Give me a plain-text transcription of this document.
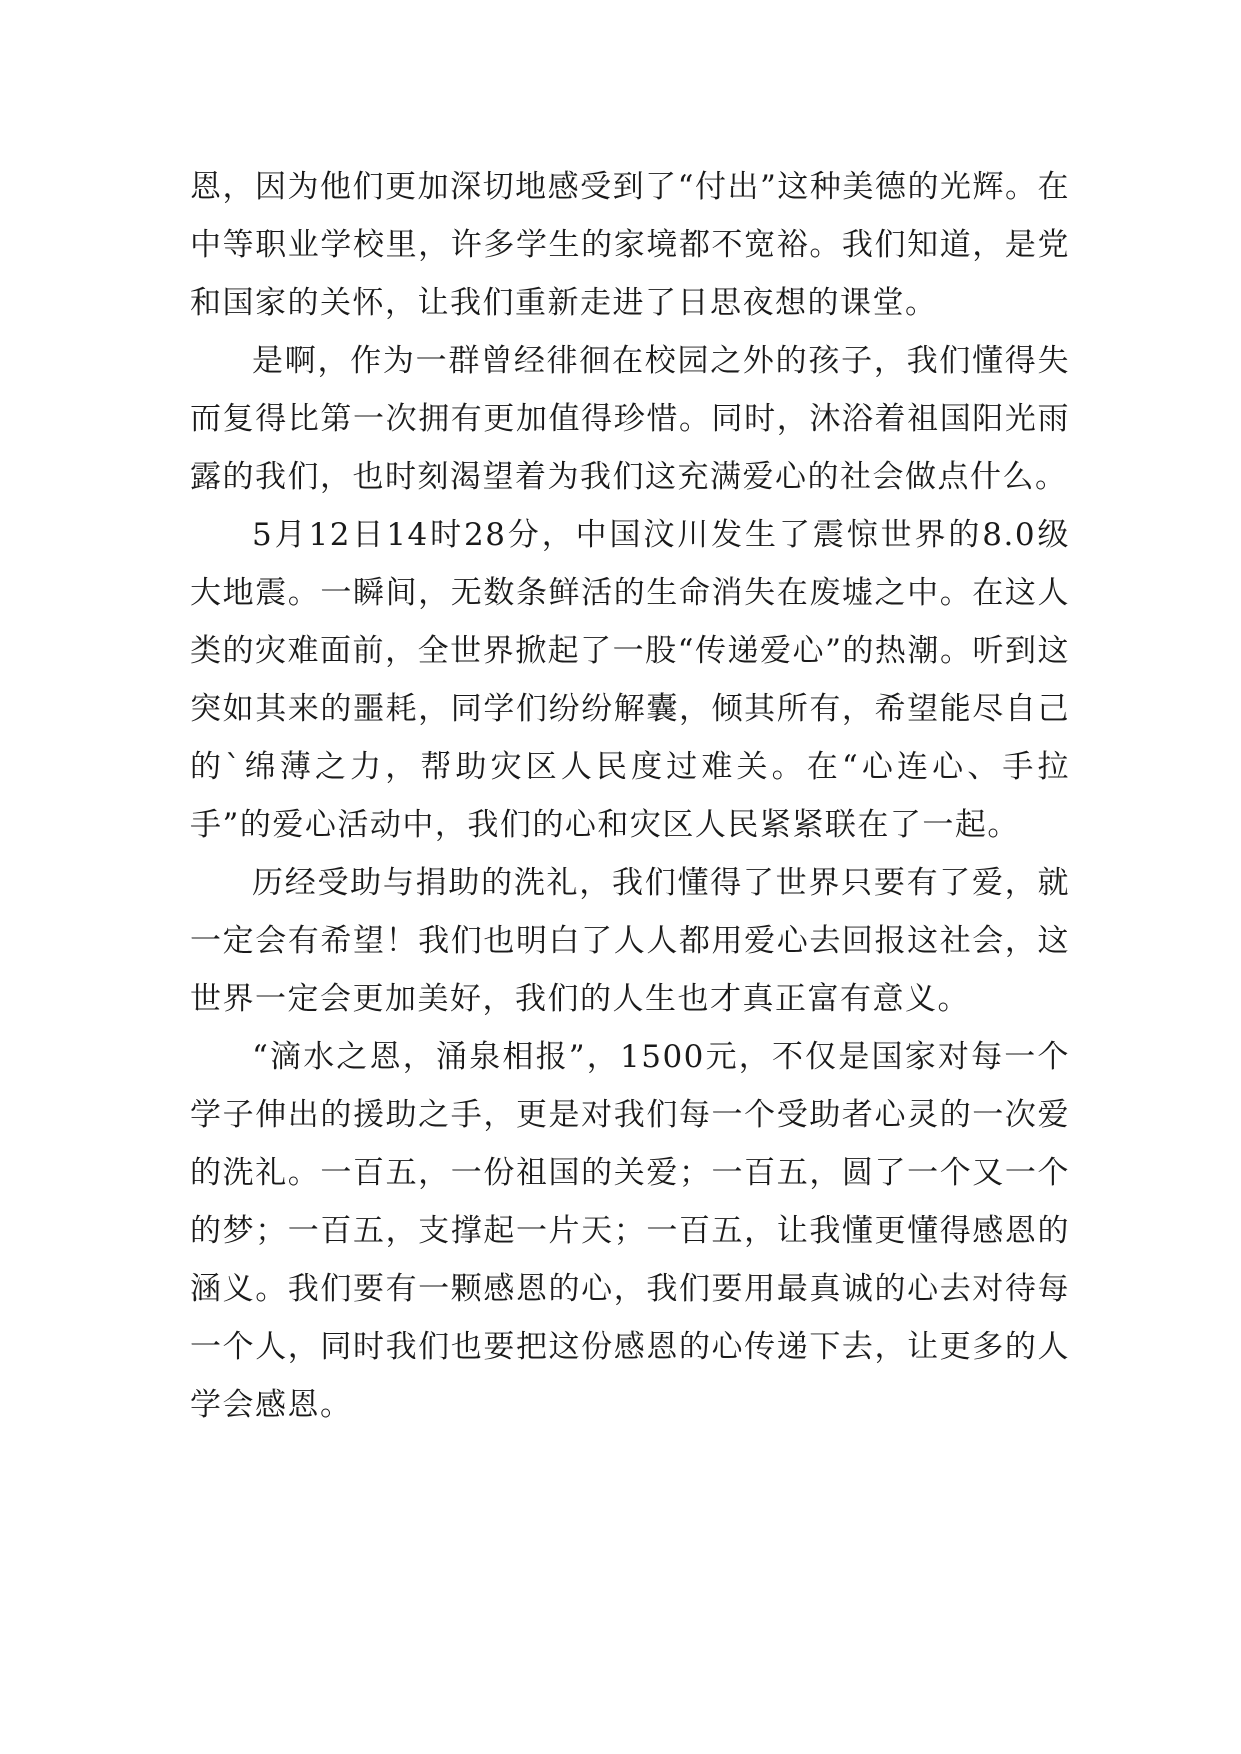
恩，因为他们更加深切地感受到了“付出”这种美德的光辉。在中等职业学校里，许多学生的家境都不宽裕。我们知道，是党和国家的关怀，让我们重新走进了日思夜想的课堂。

是啊，作为一群曾经徘徊在校园之外的孩子，我们懂得失而复得比第一次拥有更加值得珍惜。同时，沐浴着祖国阳光雨露的我们，也时刻渴望着为我们这充满爱心的社会做点什么。

5月12日14时28分，中国汶川发生了震惊世界的8.0级大地震。一瞬间，无数条鲜活的生命消失在废墟之中。在这人类的灾难面前，全世界掀起了一股“传递爱心”的热潮。听到这突如其来的噩耗，同学们纷纷解囊，倾其所有，希望能尽自己的`绵薄之力，帮助灾区人民度过难关。在“心连心、手拉手”的爱心活动中，我们的心和灾区人民紧紧联在了一起。

历经受助与捐助的洗礼，我们懂得了世界只要有了爱，就一定会有希望！我们也明白了人人都用爱心去回报这社会，这世界一定会更加美好，我们的人生也才真正富有意义。

“滴水之恩，涌泉相报”，1500元，不仅是国家对每一个学子伸出的援助之手，更是对我们每一个受助者心灵的一次爱的洗礼。一百五，一份祖国的关爱；一百五，圆了一个又一个的梦；一百五，支撑起一片天；一百五，让我懂更懂得感恩的涵义。我们要有一颗感恩的心，我们要用最真诚的心去对待每一个人，同时我们也要把这份感恩的心传递下去，让更多的人学会感恩。
